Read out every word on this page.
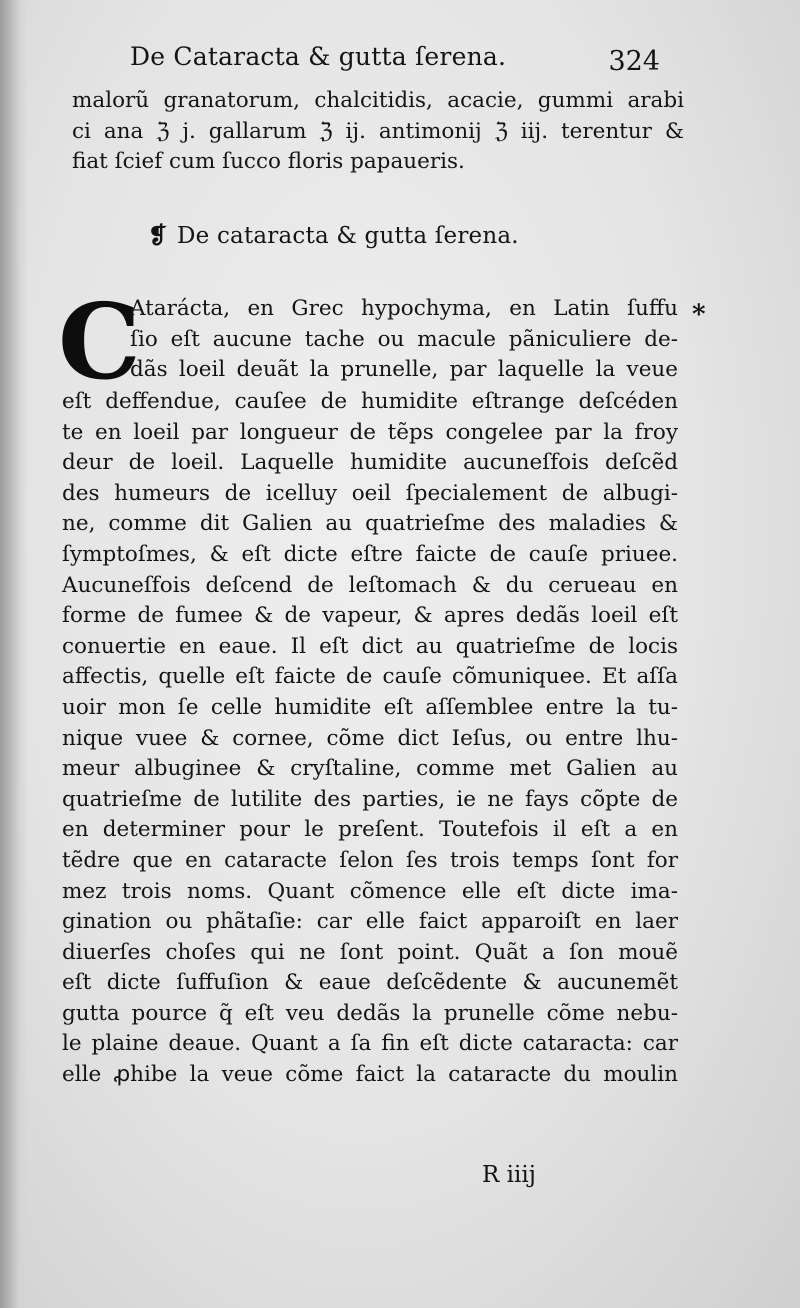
De Cataracta & gutta ſerena.	324
malorũ granatorum, chalcitidis, acacie, gummi arabi
ci ana ℨ j. gallarum ℨ ij. antimonij ℨ iij. terentur &
fiat ſcief cum ſucco floris papaueris.
❡ De cataracta & gutta ſerena.
C
Atarácta, en Grec hypochyma, en Latin ſuffu
ſio eſt aucune tache ou macule pãniculiere de-
dãs loeil deuãt la prunelle, par laquelle la veue
*
eſt deffendue, cauſee de humidite eſtrange deſcéden
te en loeil par longueur de tẽps congelee par la froy
deur de loeil. Laquelle humidite aucuneſfois deſcẽd
des humeurs de icelluy oeil ſpecialement de albugi-
ne, comme dit Galien au quatrieſme des maladies &
ſymptoſmes, & eſt dicte eſtre faicte de cauſe priuee.
Aucuneſfois deſcend de leſtomach & du cerueau en
forme de fumee & de vapeur, & apres dedãs loeil eſt
conuertie en eaue. Il eſt dict au quatrieſme de locis
affectis, quelle eſt faicte de cauſe cõmuniquee. Et aſſa
uoir mon ſe celle humidite eſt aſſemblee entre la tu-
nique vuee & cornee, cõme dict Ieſus, ou entre lhu-
meur albuginee & cryſtaline, comme met Galien au
quatrieſme de lutilite des parties, ie ne fays cõpte de
en determiner pour le preſent. Toutefois il eſt a en
tẽdre que en cataracte ſelon ſes trois temps ſont for
mez trois noms. Quant cõmence elle eſt dicte ima-
gination ou phãtaſie: car elle faict apparoiſt en laer
diuerſes choſes qui ne ſont point. Quãt a ſon mouẽ
eſt dicte ſuffuſion & eaue deſcẽdente & aucunemẽt
gutta pource q̃ eſt veu dedãs la prunelle cõme nebu-
le plaine deaue. Quant a ſa fin eſt dicte cataracta: car
elle ꝓhibe la veue cõme faict la cataracte du moulin
R iiij
